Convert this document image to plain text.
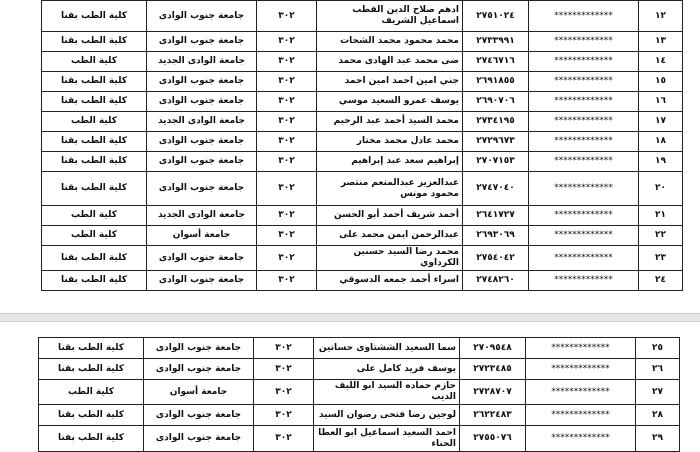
١٢	*************	٢٧٥١٠٢٤	ادهم صلاح الدين القطب اسماعيل الشريف	٣٠٢	جامعة جنوب الوادى	كلية الطب بقنا
١٣	*************	٢٧٣٣٩٩١	محمد محمود محمد الشحات	٣٠٢	جامعة جنوب الوادى	كلية الطب بقنا
١٤	*************	٢٧٤٦٧١٦	ضى محمد عبد الهادى محمد	٣٠٢	جامعة الوادى الجديد	كلية الطب
١٥	*************	٢٦٩١٨٥٥	جني امين احمد امين احمد	٣٠٢	جامعة جنوب الوادى	كلية الطب بقنا
١٦	*************	٢٦٩٠٧٠٦	يوسف عمرو السعيد موسي	٣٠٢	جامعة جنوب الوادى	كلية الطب بقنا
١٧	*************	٢٧٣٤١٩٥	محمد السيد أحمد عبد الرحيم	٣٠٢	جامعة الوادى الجديد	كلية الطب
١٨	*************	٢٧٢٩٦٧٣	محمد عادل محمد مختار	٣٠٢	جامعة جنوب الوادى	كلية الطب بقنا
١٩	*************	٢٧٠٧١٥٣	إبراهيم سعد عبد إبراهيم	٣٠٢	جامعة جنوب الوادى	كلية الطب بقنا
٢٠	*************	٢٧٤٧٠٤٠	عبدالعزيز عبدالمنعم منتصر محمود مونس	٣٠٢	جامعة جنوب الوادى	كلية الطب بقنا
٢١	*************	٢٦٤١٧٢٧	أحمد شريف أحمد أبو الحسن	٣٠٢	جامعة الوادى الجديد	كلية الطب
٢٢	*************	٢٦٩٣٠٦٩	عبدالرحمن ايمن محمد على	٣٠٢	جامعة أسوان	كلية الطب
٢٣	*************	٢٧٥٤٠٤٢	محمد رضا السيد حسنين الكرداوي	٣٠٢	جامعة جنوب الوادى	كلية الطب بقنا
٢٤	*************	٢٧٤٨٢٦٠	اسراء أحمد جمعه الدسوقي	٣٠٢	جامعة جنوب الوادى	كلية الطب بقنا
٢٥	*************	٢٧٠٩٥٤٨	سما السعيد الششتاوى حسانين	٣٠٢	جامعة جنوب الوادى	كلية الطب بقنا
٢٦	*************	٢٧٢٣٤٨٥	يوسف فريد كامل على	٣٠٢	جامعة جنوب الوادى	كلية الطب بقنا
٢٧	*************	٢٧٢٨٧٠٧	حازم حماده السيد ابو الليف الديب	٣٠٢	جامعة أسوان	كلية الطب
٢٨	*************	٢٦٢٢٤٨٣	لوجين رضا فتحى رضوان السيد	٣٠٢	جامعة جنوب الوادى	كلية الطب بقنا
٢٩	*************	٢٧٥٥٠٧٦	احمد السعيد اسماعيل ابو العطا الحناء	٣٠٢	جامعة جنوب الوادى	كلية الطب بقنا
